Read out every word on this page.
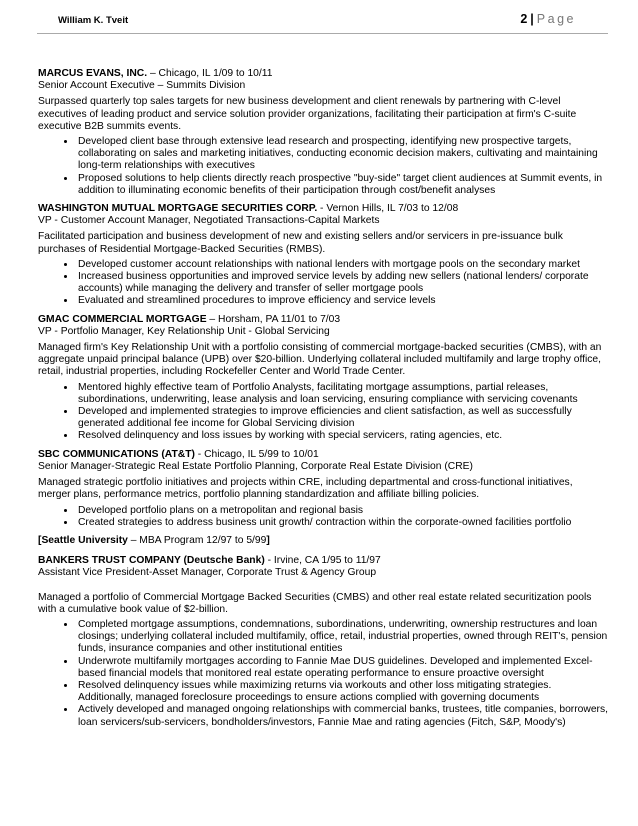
William K. Tveit	2 | Page
MARCUS EVANS, INC. – Chicago, IL 1/09 to 10/11
Senior Account Executive – Summits Division
Surpassed quarterly top sales targets for new business development and client renewals by partnering with C-level executives of leading product and service solution provider organizations, facilitating their participation at firm's C-suite executive B2B summits events.
• Developed client base through extensive lead research and prospecting, identifying new prospective targets, collaborating on sales and marketing initiatives, conducting economic decision makers, cultivating and maintaining long-term relationships with executives
• Proposed solutions to help clients directly reach prospective "buy-side" target client audiences at Summit events, in addition to illuminating economic benefits of their participation through cost/benefit analyses
WASHINGTON MUTUAL MORTGAGE SECURITIES CORP. - Vernon Hills, IL 7/03 to 12/08
VP - Customer Account Manager, Negotiated Transactions-Capital Markets
Facilitated participation and business development of new and existing sellers and/or servicers in pre-issuance bulk purchases of Residential Mortgage-Backed Securities (RMBS).
• Developed customer account relationships with national lenders with mortgage pools on the secondary market
• Increased business opportunities and improved service levels by adding new sellers (national lenders/ corporate accounts) while managing the delivery and transfer of seller mortgage pools
• Evaluated and streamlined procedures to improve efficiency and service levels
GMAC COMMERCIAL MORTGAGE – Horsham, PA 11/01 to 7/03
VP - Portfolio Manager, Key Relationship Unit - Global Servicing
Managed firm's Key Relationship Unit with a portfolio consisting of commercial mortgage-backed securities (CMBS), with an aggregate unpaid principal balance (UPB) over $20-billion. Underlying collateral included multifamily and large trophy office, retail, industrial properties, including Rockefeller Center and World Trade Center.
• Mentored highly effective team of Portfolio Analysts, facilitating mortgage assumptions, partial releases, subordinations, underwriting, lease analysis and loan servicing, ensuring compliance with servicing covenants
• Developed and implemented strategies to improve efficiencies and client satisfaction, as well as successfully generated additional fee income for Global Servicing division
• Resolved delinquency and loss issues by working with special servicers, rating agencies, etc.
SBC COMMUNICATIONS (AT&T) - Chicago, IL 5/99 to 10/01
Senior Manager-Strategic Real Estate Portfolio Planning, Corporate Real Estate Division (CRE)
Managed strategic portfolio initiatives and projects within CRE, including departmental and cross-functional initiatives, merger plans, performance metrics, portfolio planning standardization and affiliate billing policies.
• Developed portfolio plans on a metropolitan and regional basis
• Created strategies to address business unit growth/ contraction within the corporate-owned facilities portfolio
[Seattle University – MBA Program 12/97 to 5/99]
BANKERS TRUST COMPANY (Deutsche Bank) - Irvine, CA 1/95 to 11/97
Assistant Vice President-Asset Manager, Corporate Trust & Agency Group
Managed a portfolio of Commercial Mortgage Backed Securities (CMBS) and other real estate related securitization pools with a cumulative book value of $2-billion.
• Completed mortgage assumptions, condemnations, subordinations, underwriting, ownership restructures and loan closings; underlying collateral included multifamily, office, retail, industrial properties, owned through REIT's, pension funds, insurance companies and other institutional entities
• Underwrote multifamily mortgages according to Fannie Mae DUS guidelines. Developed and implemented Excel-based financial models that monitored real estate operating performance to ensure proactive oversight
• Resolved delinquency issues while maximizing returns via workouts and other loss mitigating strategies. Additionally, managed foreclosure proceedings to ensure actions complied with governing documents
• Actively developed and managed ongoing relationships with commercial banks, trustees, title companies, borrowers, loan servicers/sub-servicers, bondholders/investors, Fannie Mae and rating agencies (Fitch, S&P, Moody's)
